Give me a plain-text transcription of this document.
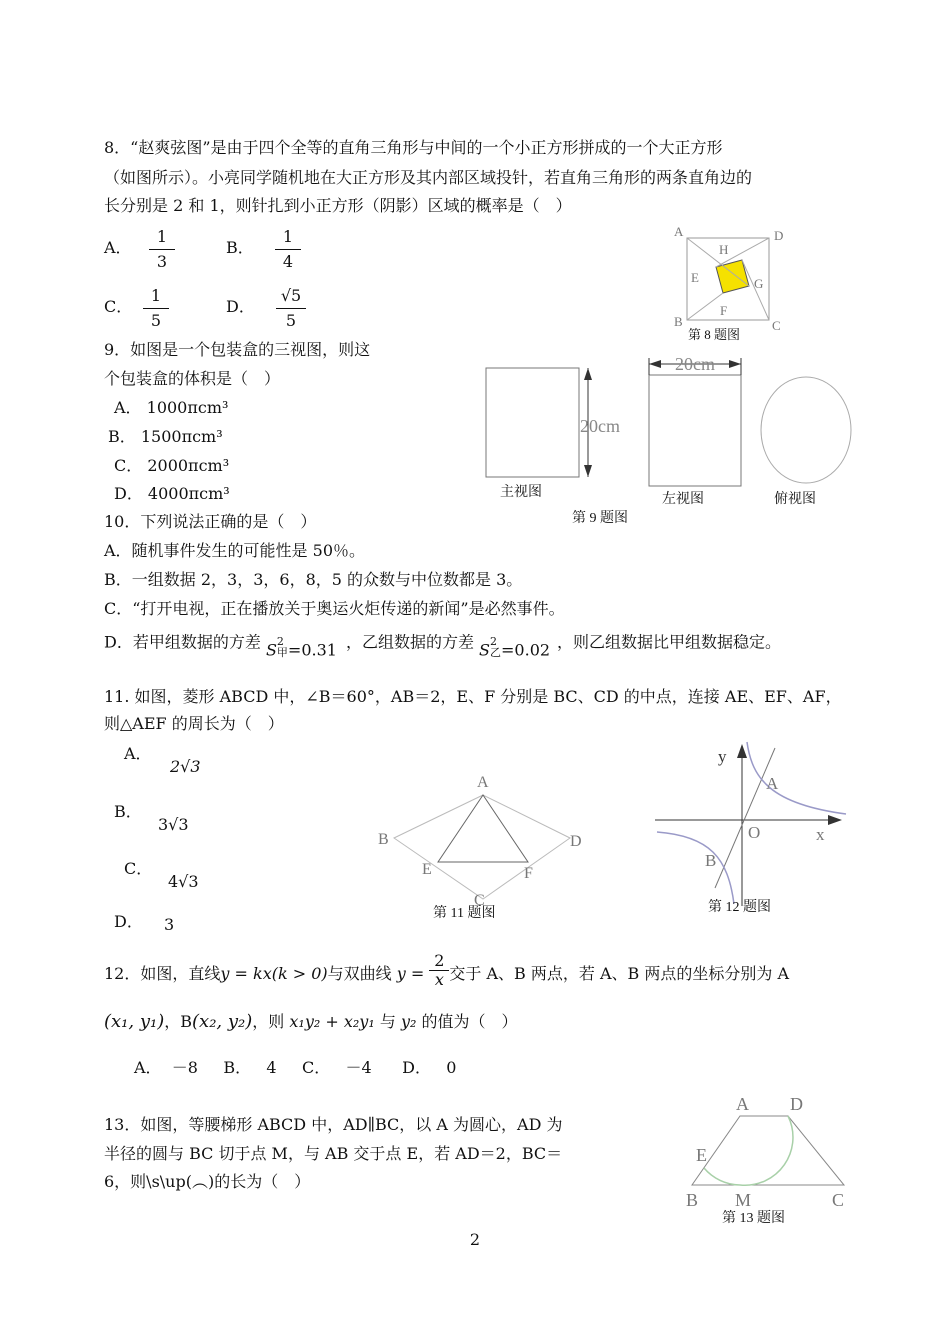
8．“赵爽弦图”是由于四个全等的直角三角形与中间的一个小正方形拼成的一个大正方形
（如图所示）。小亮同学随机地在大正方形及其内部区域投针，若直角三角形的两条直角边的
长分别是 2 和 1，则针扎到小正方形（阴影）区域的概率是（　）
A．
1
3
B．
1
4
C．
1
5
D．
√5
5
A	D
H
E	G
F
B	C
第 8 题图
9．如图是一个包装盒的三视图，则这
个包装盒的体积是（　）
A． 1000πcm³
B． 1500πcm³
C． 2000πcm³
D． 4000πcm³
20cm
20cm
主视图	左视图	俯视图
第 9 题图
10．下列说法正确的是（　）
A．随机事件发生的可能性是 50％。
B．一组数据 2，3，3，6，8，5 的众数与中位数都是 3。
C．“打开电视，正在播放关于奥运火炬传递的新闻”是必然事件。
D．若甲组数据的方差 S 2
甲 =0.31 ，乙组数据的方差 S 2
乙 =0.02 ，则乙组数据比甲组数据稳定。
11. 如图，菱形 ABCD 中，∠B＝60°，AB＝2，E、F 分别是 BC、CD 的中点，连接 AE、EF、AF，
则△AEF 的周长为（　）
A．
2√3
B．
3√3
C．
4√3
D． 3
A
B	D
E	F
C
第 11 题图
y
x
O
A
B
第 12 题图
12．如图，直线y = kx(k > 0)与双曲线 $y = \frac{2}{x}$ 交于 A、B 两点，若 A、B 两点的坐标分别为 A
(x₁, y₁)，B(x₂, y₂)，则 x₁y₂ + x₂y₁ 与 y₂ 的值为（　）
A．  －8     B．   4     C．   －4      D．   0
13．如图，等腰梯形 ABCD 中，AD∥BC，以 A 为圆心，AD 为
半径的圆与 BC 切于点 M，与 AB 交于点 E，若 AD＝2，BC＝
6，则\s\up(︵)的长为（　）
A D
E
B M	C
第 13 题图
2
